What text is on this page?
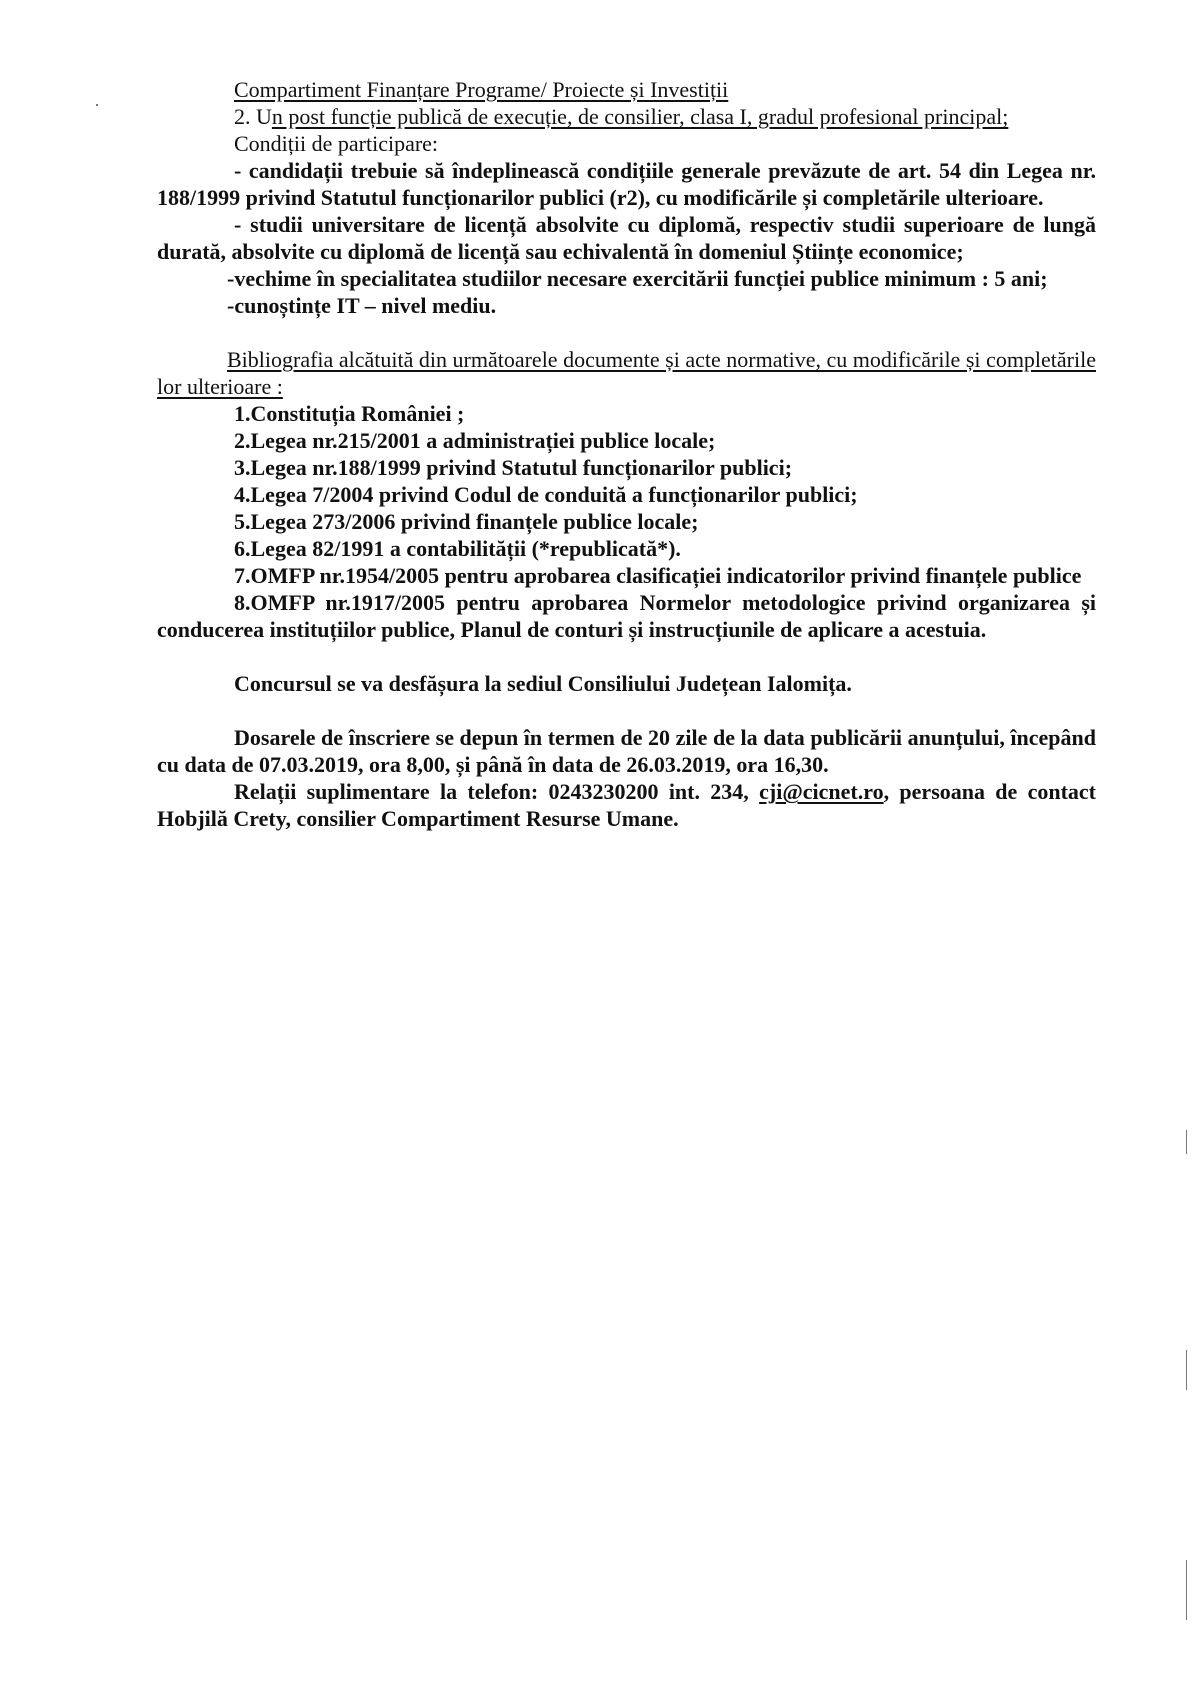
Compartiment Finanțare Programe/ Proiecte și Investiții

2. Un post funcție publică de execuție, de consilier, clasa I, gradul profesional principal;

Condiții de participare:

- candidații trebuie să îndeplinească condițiile generale prevăzute de art. 54 din Legea nr. 188/1999 privind Statutul funcționarilor publici (r2), cu modificările și completările ulterioare.

- studii universitare de licență absolvite cu diplomă, respectiv studii superioare de lungă durată, absolvite cu diplomă de licență sau echivalentă în domeniul Științe economice;

-vechime în specialitatea studiilor necesare exercitării funcției publice minimum : 5 ani;

-cunoștințe IT – nivel mediu.

Bibliografia alcătuită din următoarele documente și acte normative, cu modificările și completările lor ulterioare :

1.Constituția României ;

2.Legea nr.215/2001 a administrației publice locale;

3.Legea nr.188/1999 privind Statutul funcționarilor publici;

4.Legea 7/2004 privind Codul de conduită a funcționarilor publici;

5.Legea 273/2006 privind finanțele publice locale;

6.Legea 82/1991 a contabilității (*republicată*).

7.OMFP nr.1954/2005 pentru aprobarea clasificației indicatorilor privind finanțele publice

8.OMFP nr.1917/2005 pentru aprobarea Normelor metodologice privind organizarea și conducerea instituțiilor publice, Planul de conturi și instrucțiunile de aplicare a acestuia.

Concursul se va desfășura la sediul Consiliului Județean Ialomița.

Dosarele de înscriere se depun în termen de 20 zile de la data publicării anunțului, începând cu data de 07.03.2019, ora 8,00, și până în data de 26.03.2019, ora 16,30.

Relații suplimentare la telefon: 0243230200 int. 234, cji@cicnet.ro, persoana de contact Hobjilă Crety, consilier Compartiment Resurse Umane.
